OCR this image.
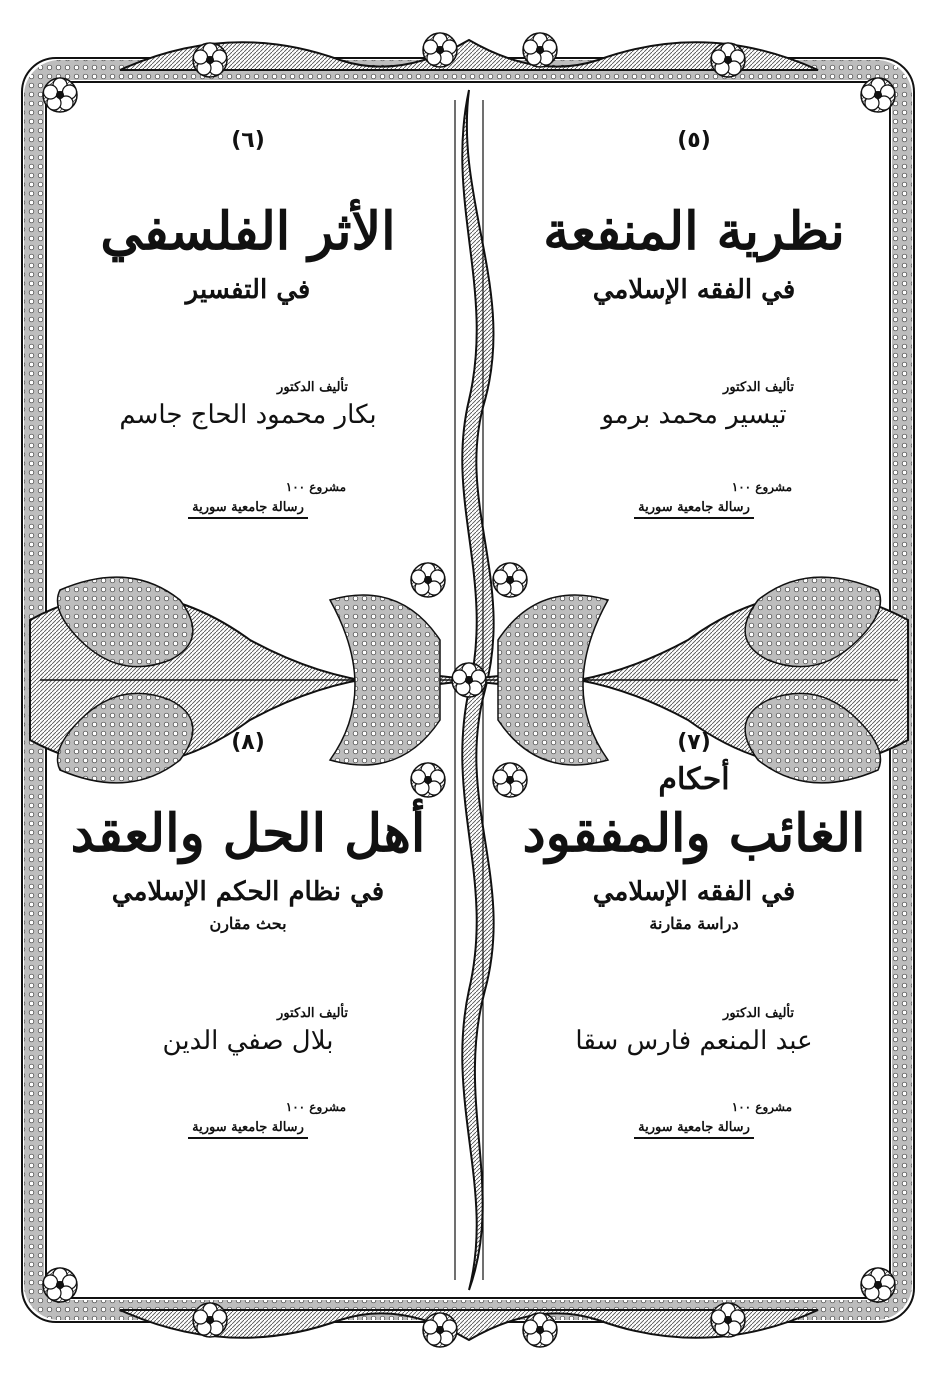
(٥)
نظرية المنفعة
في الفقه الإسلامي
تأليف الدكتور
تيسير محمد برمو
مشروع ١٠٠
رسالة جامعية سورية
(٦)
الأثر الفلسفي
في التفسير
تأليف الدكتور
بكار محمود الحاج جاسم
مشروع ١٠٠
رسالة جامعية سورية
(٧)
أحكام
الغائب والمفقود
في الفقه الإسلامي
دراسة مقارنة
تأليف الدكتور
عبد المنعم فارس سقا
مشروع ١٠٠
رسالة جامعية سورية
(٨)
أهل الحل والعقد
في نظام الحكم الإسلامي
بحث مقارن
تأليف الدكتور
بلال صفي الدين
مشروع ١٠٠
رسالة جامعية سورية
